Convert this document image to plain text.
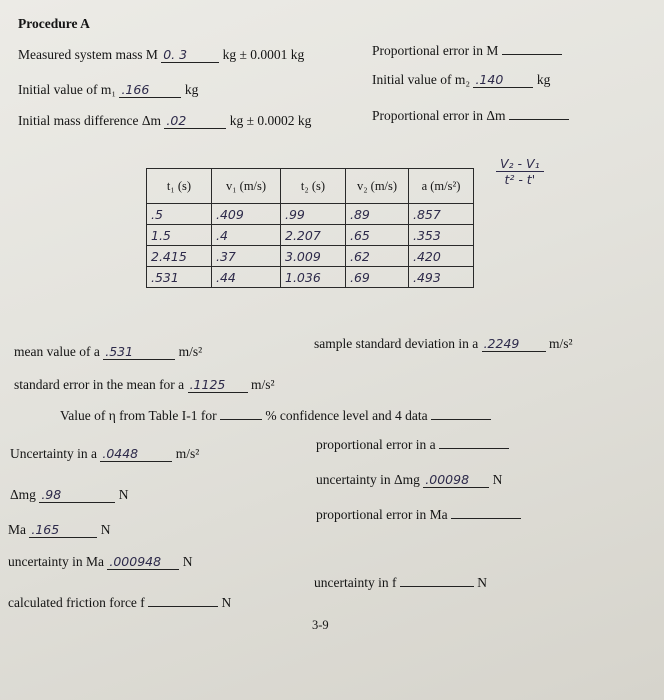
Procedure A
Measured system mass M 0. 3	kg ± 0.0001 kg
Initial value of m₁ .166	kg
Initial mass difference Δm .02	kg ± 0.0002 kg
Proportional error in M
Initial value of m₂ .140 kg
Proportional error in Δm
$\frac{\text{V₂ - V₁}}{\text{t² - t'}}$
t₁ (s)	v₁ (m/s)	t₂ (s)	v₂ (m/s)	a (m/s²)
.5	.409	.99	.89	.857
1.5	.4	2.207	.65	.353
2.415	.37	3.009	.62	.420
.531	.44	1.036	.69	.493
mean value of a .531	m/s²
sample standard deviation in a .2249 m/s²
standard error in the mean for a .1125 m/s²
Value of η from Table I-1 for	% confidence level and 4 data
Uncertainty in a .0448	m/s²
proportional error in a
uncertainty in Δmg .00098 N
Δmg .98	N
proportional error in Ma
Ma .165	N
uncertainty in Ma .000948 N
calculated friction force f	N
uncertainty in f	N
3-9
